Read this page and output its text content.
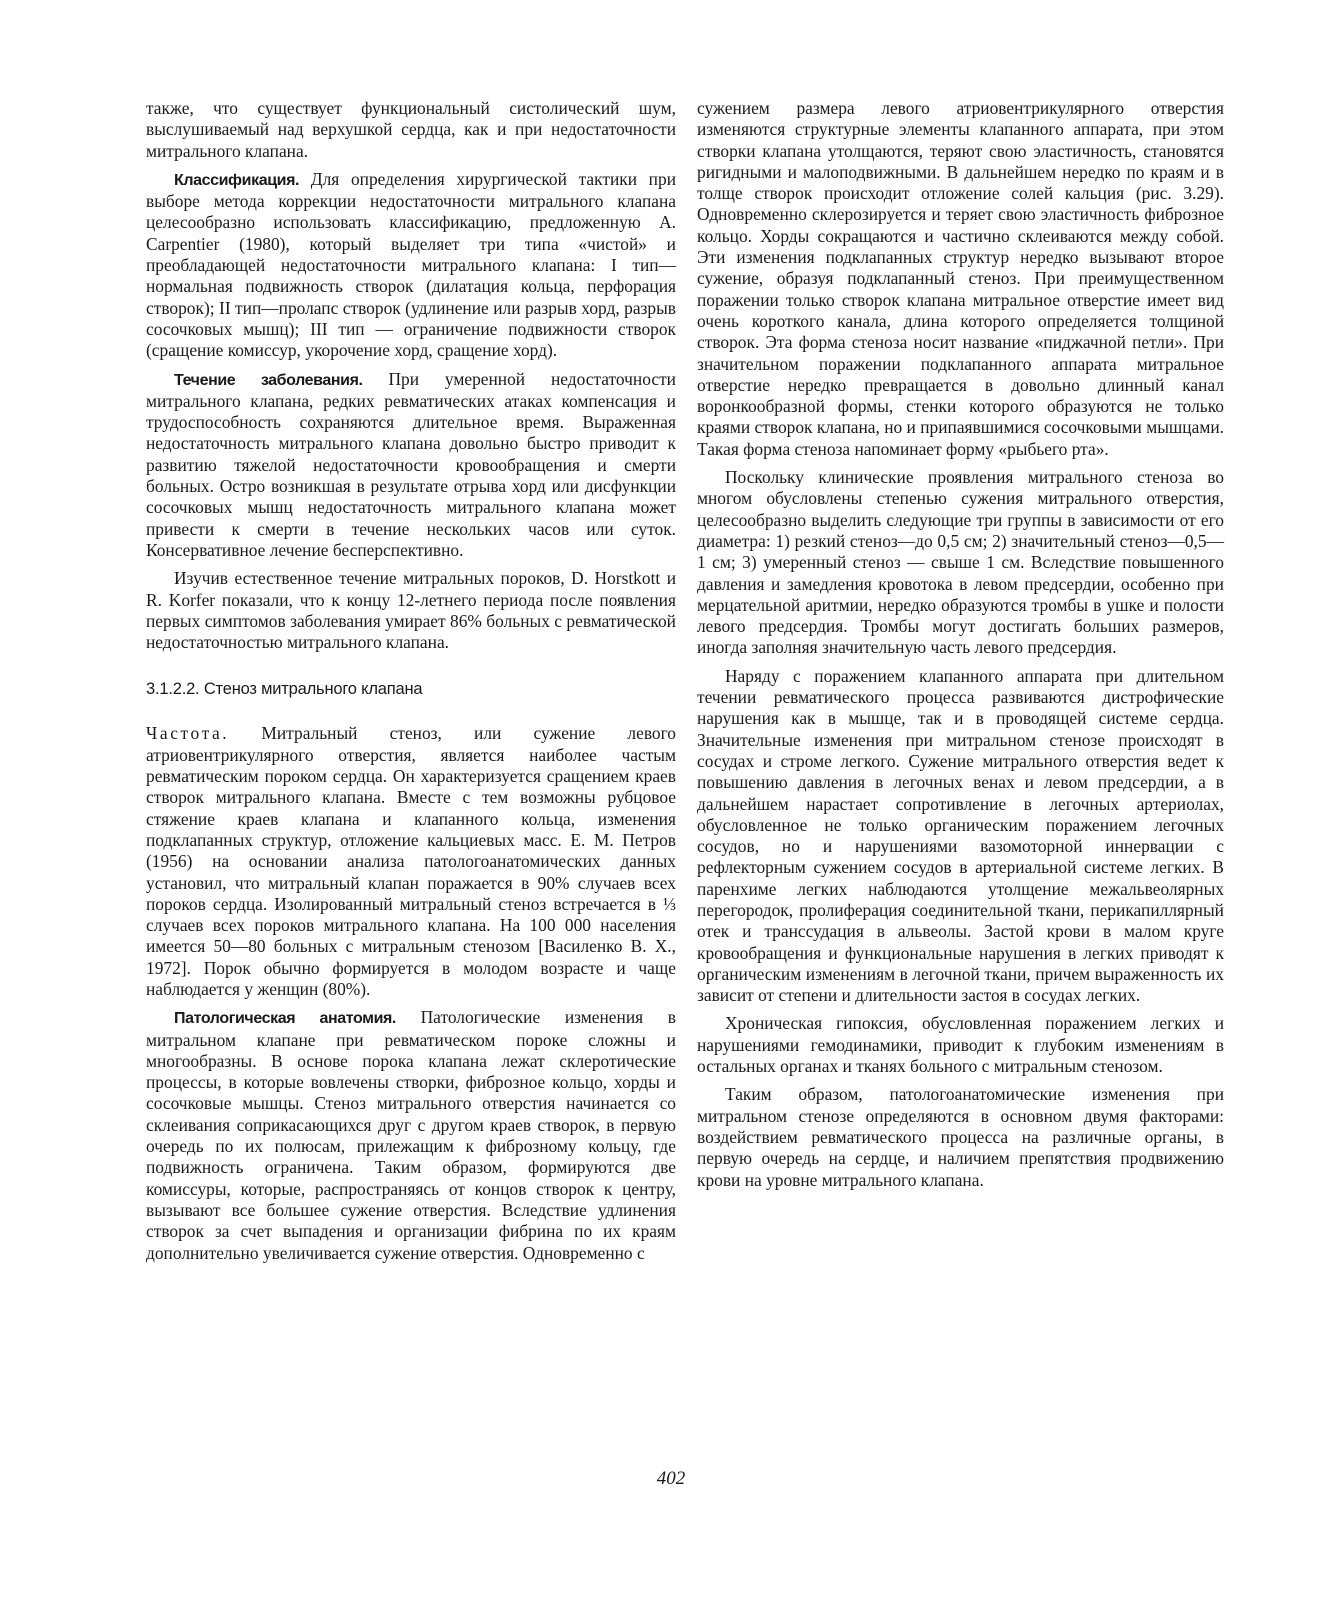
также, что существует функциональный систолический шум, выслушиваемый над верхушкой сердца, как и при недостаточности митрального клапана.

Классификация. Для определения хирургической тактики при выборе метода коррекции недостаточности митрального клапана целесообразно использовать классификацию, предложенную A. Carpentier (1980), который выделяет три типа «чистой» и преобладающей недостаточности митрального клапана: I тип—нормальная подвижность створок (дилатация кольца, перфорация створок); II тип—пролапс створок (удлинение или разрыв хорд, разрыв сосочковых мышц); III тип — ограничение подвижности створок (сращение комиссур, укорочение хорд, сращение хорд).

Течение заболевания. При умеренной недостаточности митрального клапана, редких ревматических атаках компенсация и трудоспособность сохраняются длительное время. Выраженная недостаточность митрального клапана довольно быстро приводит к развитию тяжелой недостаточности кровообращения и смерти больных. Остро возникшая в результате отрыва хорд или дисфункции сосочковых мышц недостаточность митрального клапана может привести к смерти в течение нескольких часов или суток. Консервативное лечение бесперспективно.

Изучив естественное течение митральных пороков, D. Horstkott и R. Korfer показали, что к концу 12-летнего периода после появления первых симптомов заболевания умирает 86% больных с ревматической недостаточностью митрального клапана.

3.1.2.2. Стеноз митрального клапана

Частота. Митральный стеноз, или сужение левого атриовентрикулярного отверстия, является наиболее частым ревматическим пороком сердца. Он характеризуется сращением краев створок митрального клапана. Вместе с тем возможны рубцовое стяжение краев клапана и клапанного кольца, изменения подклапанных структур, отложение кальциевых масс. Е. М. Петров (1956) на основании анализа патологоанатомических данных установил, что митральный клапан поражается в 90% случаев всех пороков сердца. Изолированный митральный стеноз встречается в ⅓ случаев всех пороков митрального клапана. На 100 000 населения имеется 50—80 больных с митральным стенозом [Василенко В. X., 1972]. Порок обычно формируется в молодом возрасте и чаще наблюдается у женщин (80%).

Патологическая анатомия. Патологические изменения в митральном клапане при ревматическом пороке сложны и многообразны. В основе порока клапана лежат склеротические процессы, в которые вовлечены створки, фиброзное кольцо, хорды и сосочковые мышцы. Стеноз митрального отверстия начинается со склеивания соприкасающихся друг с другом краев створок, в первую очередь по их полюсам, прилежащим к фиброзному кольцу, где подвижность ограничена. Таким образом, формируются две комиссуры, которые, распространяясь от концов створок к центру, вызывают все большее сужение отверстия. Вследствие удлинения створок за счет выпадения и организации фибрина по их краям дополнительно увеличивается сужение отверстия. Одновременно с

сужением размера левого атриовентрикулярного отверстия изменяются структурные элементы клапанного аппарата, при этом створки клапана утолщаются, теряют свою эластичность, становятся ригидными и малоподвижными. В дальнейшем нередко по краям и в толще створок происходит отложение солей кальция (рис. 3.29). Одновременно склерозируется и теряет свою эластичность фиброзное кольцо. Хорды сокращаются и частично склеиваются между собой. Эти изменения подклапанных структур нередко вызывают второе сужение, образуя подклапанный стеноз. При преимущественном поражении только створок клапана митральное отверстие имеет вид очень короткого канала, длина которого определяется толщиной створок. Эта форма стеноза носит название «пиджачной петли». При значительном поражении подклапанного аппарата митральное отверстие нередко превращается в довольно длинный канал воронкообразной формы, стенки которого образуются не только краями створок клапана, но и припаявшимися сосочковыми мышцами. Такая форма стеноза напоминает форму «рыбьего рта».

Поскольку клинические проявления митрального стеноза во многом обусловлены степенью сужения митрального отверстия, целесообразно выделить следующие три группы в зависимости от его диаметра: 1) резкий стеноз—до 0,5 см; 2) значительный стеноз—0,5—1 см; 3) умеренный стеноз — свыше 1 см. Вследствие повышенного давления и замедления кровотока в левом предсердии, особенно при мерцательной аритмии, нередко образуются тромбы в ушке и полости левого предсердия. Тромбы могут достигать больших размеров, иногда заполняя значительную часть левого предсердия.

Наряду с поражением клапанного аппарата при длительном течении ревматического процесса развиваются дистрофические нарушения как в мышце, так и в проводящей системе сердца. Значительные изменения при митральном стенозе происходят в сосудах и строме легкого. Сужение митрального отверстия ведет к повышению давления в легочных венах и левом предсердии, а в дальнейшем нарастает сопротивление в легочных артериолах, обусловленное не только органическим поражением легочных сосудов, но и нарушениями вазомоторной иннервации с рефлекторным сужением сосудов в артериальной системе легких. В паренхиме легких наблюдаются утолщение межальвеолярных перегородок, пролиферация соединительной ткани, перикапиллярный отек и транссудация в альвеолы. Застой крови в малом круге кровообращения и функциональные нарушения в легких приводят к органическим изменениям в легочной ткани, причем выраженность их зависит от степени и длительности застоя в сосудах легких.

Хроническая гипоксия, обусловленная поражением легких и нарушениями гемодинамики, приводит к глубоким изменениям в остальных органах и тканях больного с митральным стенозом.

Таким образом, патологоанатомические изменения при митральном стенозе определяются в основном двумя факторами: воздействием ревматического процесса на различные органы, в первую очередь на сердце, и наличием препятствия продвижению крови на уровне митрального клапана.

402
